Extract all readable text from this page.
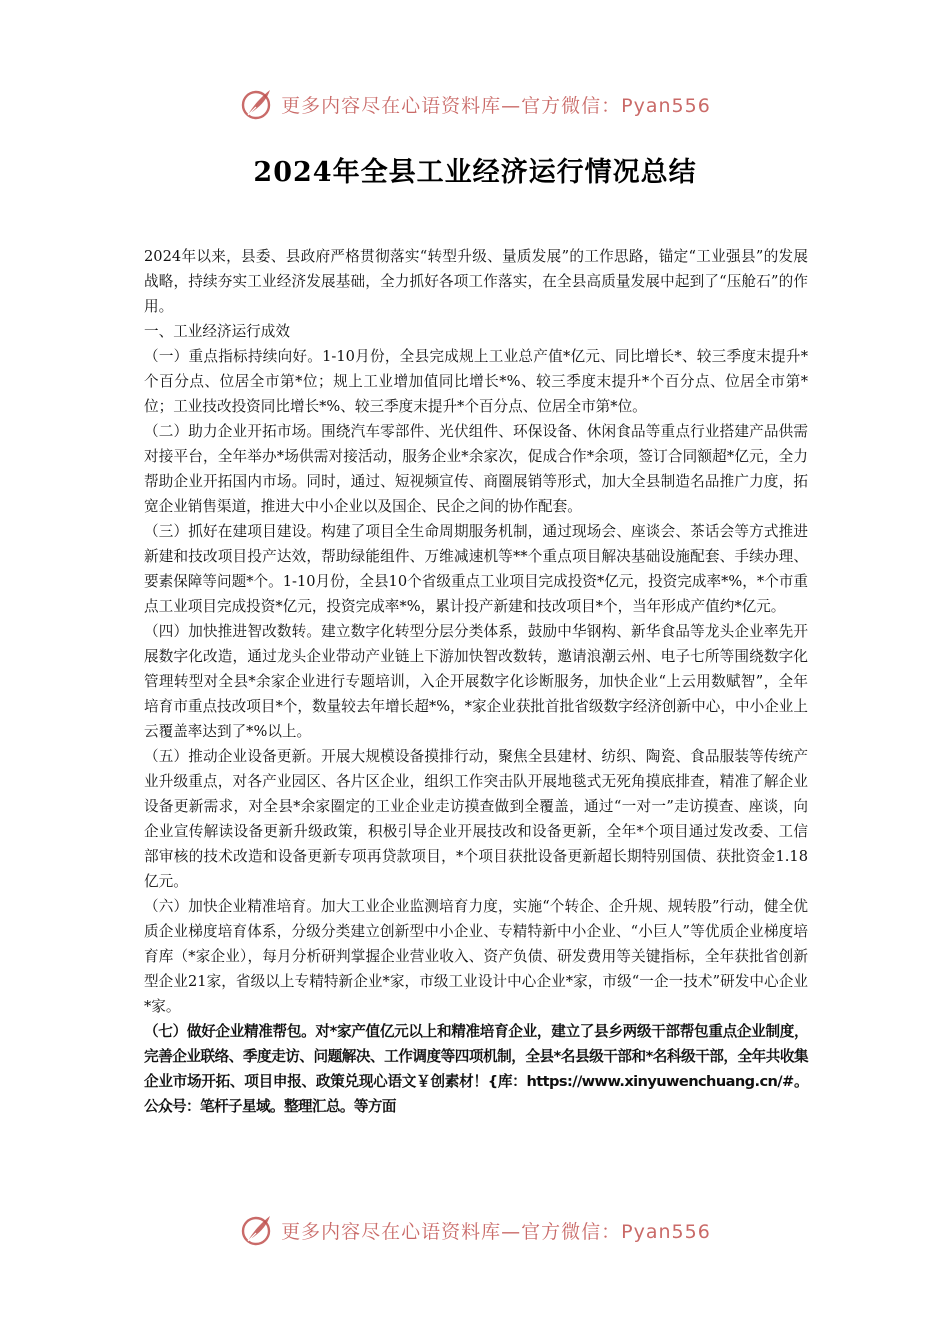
更多内容尽在心语资料库—官方微信：Pyan556
2024年全县工业经济运行情况总结

2024年以来，县委、县政府严格贯彻落实“转型升级、量质发展”的工作思路，锚定“工业强县”的发展战略，持续夯实工业经济发展基础，全力抓好各项工作落实，在全县高质量发展中起到了“压舱石”的作用。

一、工业经济运行成效

（一）重点指标持续向好。1-10月份，全县完成规上工业总产值*亿元、同比增长*、较三季度末提升*个百分点、位居全市第*位；规上工业增加值同比增长*%、较三季度末提升*个百分点、位居全市第*位；工业技改投资同比增长*%、较三季度末提升*个百分点、位居全市第*位。

（二）助力企业开拓市场。围绕汽车零部件、光伏组件、环保设备、休闲食品等重点行业搭建产品供需对接平台，全年举办*场供需对接活动，服务企业*余家次，促成合作*余项，签订合同额超*亿元，全力帮助企业开拓国内市场。同时，通过、短视频宣传、商圈展销等形式，加大全县制造名品推广力度，拓宽企业销售渠道，推进大中小企业以及国企、民企之间的协作配套。

（三）抓好在建项目建设。构建了项目全生命周期服务机制，通过现场会、座谈会、茶话会等方式推进新建和技改项目投产达效，帮助绿能组件、万维减速机等**个重点项目解决基础设施配套、手续办理、要素保障等问题*个。1-10月份，全县10个省级重点工业项目完成投资*亿元，投资完成率*%，*个市重点工业项目完成投资*亿元，投资完成率*%，累计投产新建和技改项目*个，当年形成产值约*亿元。

（四）加快推进智改数转。建立数字化转型分层分类体系，鼓励中华钢构、新华食品等龙头企业率先开展数字化改造，通过龙头企业带动产业链上下游加快智改数转，邀请浪潮云州、电子七所等围绕数字化管理转型对全县*余家企业进行专题培训，入企开展数字化诊断服务，加快企业“上云用数赋智”，全年培育市重点技改项目*个，数量较去年增长超*%，*家企业获批首批省级数字经济创新中心，中小企业上云覆盖率达到了*%以上。

（五）推动企业设备更新。开展大规模设备摸排行动，聚焦全县建材、纺织、陶瓷、食品服装等传统产业升级重点，对各产业园区、各片区企业，组织工作突击队开展地毯式无死角摸底排查，精准了解企业设备更新需求，对全县*余家圈定的工业企业走访摸查做到全覆盖，通过“一对一”走访摸查、座谈，向企业宣传解读设备更新升级政策，积极引导企业开展技改和设备更新，全年*个项目通过发改委、工信部审核的技术改造和设备更新专项再贷款项目，*个项目获批设备更新超长期特别国债、获批资金1.18亿元。

（六）加快企业精准培育。加大工业企业监测培育力度，实施“个转企、企升规、规转股”行动，健全优质企业梯度培育体系，分级分类建立创新型中小企业、专精特新中小企业、“小巨人”等优质企业梯度培育库（*家企业），每月分析研判掌握企业营业收入、资产负债、研发费用等关键指标，全年获批省创新型企业21家，省级以上专精特新企业*家，市级工业设计中心企业*家，市级“一企一技术”研发中心企业*家。

（七）做好企业精准帮包。对*家产值亿元以上和精准培育企业，建立了县乡两级干部帮包重点企业制度，完善企业联络、季度走访、问题解决、工作调度等四项机制，全县*名县级干部和*名科级干部，全年共收集企业市场开拓、项目申报、政策兑现心语文￥创素材！{库：https://www.xinyuwenchuang.cn/#。公众号：笔杆子星域。整理汇总。等方面

更多内容尽在心语资料库—官方微信：Pyan556
